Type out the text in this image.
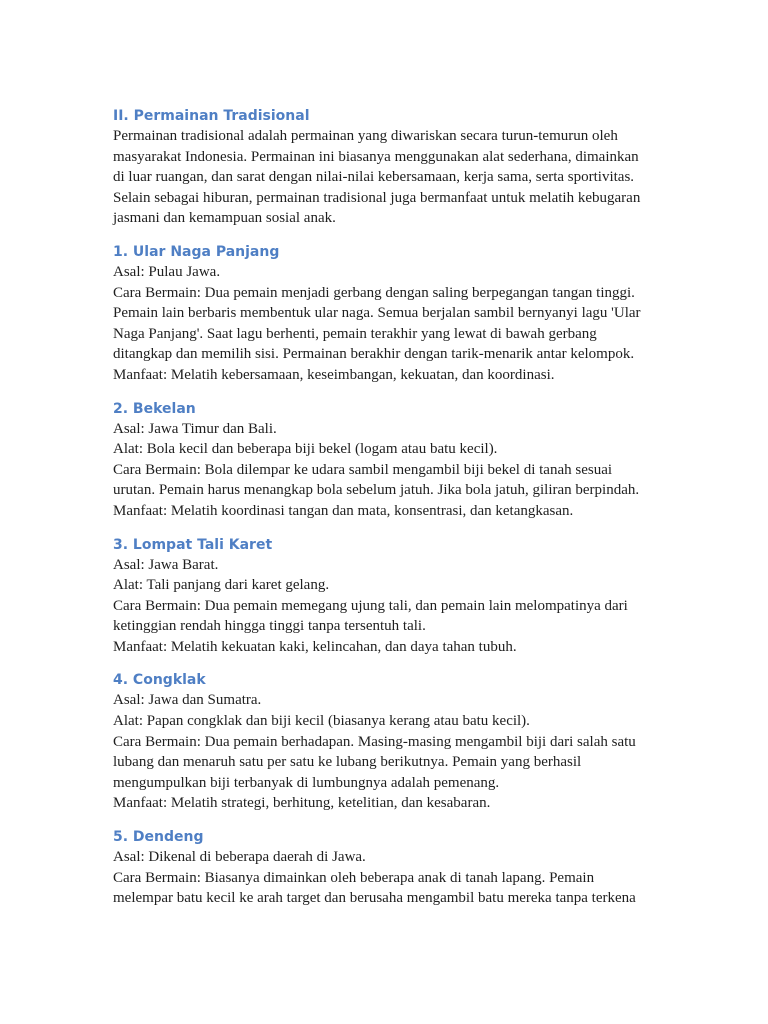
II. Permainan Tradisional

Permainan tradisional adalah permainan yang diwariskan secara turun-temurun oleh masyarakat Indonesia. Permainan ini biasanya menggunakan alat sederhana, dimainkan di luar ruangan, dan sarat dengan nilai-nilai kebersamaan, kerja sama, serta sportivitas. Selain sebagai hiburan, permainan tradisional juga bermanfaat untuk melatih kebugaran jasmani dan kemampuan sosial anak.

1. Ular Naga Panjang

Asal: Pulau Jawa.

Cara Bermain: Dua pemain menjadi gerbang dengan saling berpegangan tangan tinggi. Pemain lain berbaris membentuk ular naga. Semua berjalan sambil bernyanyi lagu 'Ular Naga Panjang'. Saat lagu berhenti, pemain terakhir yang lewat di bawah gerbang ditangkap dan memilih sisi. Permainan berakhir dengan tarik-menarik antar kelompok.

Manfaat: Melatih kebersamaan, keseimbangan, kekuatan, dan koordinasi.

2. Bekelan

Asal: Jawa Timur dan Bali.

Alat: Bola kecil dan beberapa biji bekel (logam atau batu kecil).

Cara Bermain: Bola dilempar ke udara sambil mengambil biji bekel di tanah sesuai urutan. Pemain harus menangkap bola sebelum jatuh. Jika bola jatuh, giliran berpindah.

Manfaat: Melatih koordinasi tangan dan mata, konsentrasi, dan ketangkasan.

3. Lompat Tali Karet

Asal: Jawa Barat.

Alat: Tali panjang dari karet gelang.

Cara Bermain: Dua pemain memegang ujung tali, dan pemain lain melompatinya dari ketinggian rendah hingga tinggi tanpa tersentuh tali.

Manfaat: Melatih kekuatan kaki, kelincahan, dan daya tahan tubuh.

4. Congklak

Asal: Jawa dan Sumatra.

Alat: Papan congklak dan biji kecil (biasanya kerang atau batu kecil).

Cara Bermain: Dua pemain berhadapan. Masing-masing mengambil biji dari salah satu lubang dan menaruh satu per satu ke lubang berikutnya. Pemain yang berhasil mengumpulkan biji terbanyak di lumbungnya adalah pemenang.

Manfaat: Melatih strategi, berhitung, ketelitian, dan kesabaran.

5. Dendeng

Asal: Dikenal di beberapa daerah di Jawa.

Cara Bermain: Biasanya dimainkan oleh beberapa anak di tanah lapang. Pemain melempar batu kecil ke arah target dan berusaha mengambil batu mereka tanpa terkena
